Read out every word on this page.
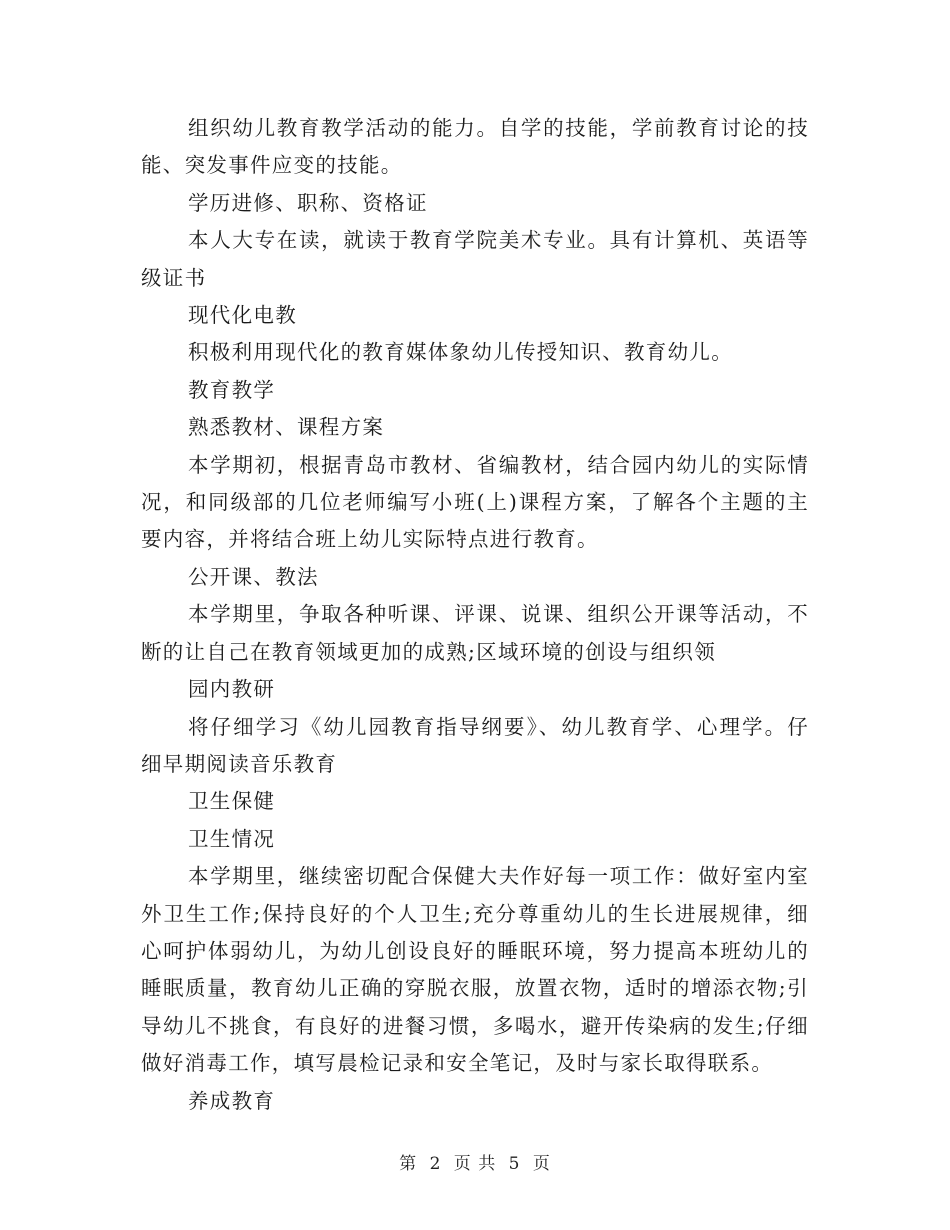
组织幼儿教育教学活动的能力。自学的技能，学前教育讨论的技能、突发事件应变的技能。

学历进修、职称、资格证

本人大专在读，就读于教育学院美术专业。具有计算机、英语等级证书

现代化电教

积极利用现代化的教育媒体象幼儿传授知识、教育幼儿。

教育教学

熟悉教材、课程方案

本学期初，根据青岛市教材、省编教材，结合园内幼儿的实际情况，和同级部的几位老师编写小班(上)课程方案，了解各个主题的主要内容，并将结合班上幼儿实际特点进行教育。

公开课、教法

本学期里，争取各种听课、评课、说课、组织公开课等活动，不断的让自己在教育领域更加的成熟;区域环境的创设与组织领

园内教研

将仔细学习《幼儿园教育指导纲要》、幼儿教育学、心理学。仔细早期阅读音乐教育

卫生保健

卫生情况

本学期里，继续密切配合保健大夫作好每一项工作：做好室内室外卫生工作;保持良好的个人卫生;充分尊重幼儿的生长进展规律，细心呵护体弱幼儿，为幼儿创设良好的睡眠环境，努力提高本班幼儿的睡眠质量，教育幼儿正确的穿脱衣服，放置衣物，适时的增添衣物;引导幼儿不挑食，有良好的进餐习惯，多喝水，避开传染病的发生;仔细做好消毒工作，填写晨检记录和安全笔记，及时与家长取得联系。

养成教育

第 2 页 共 5 页
